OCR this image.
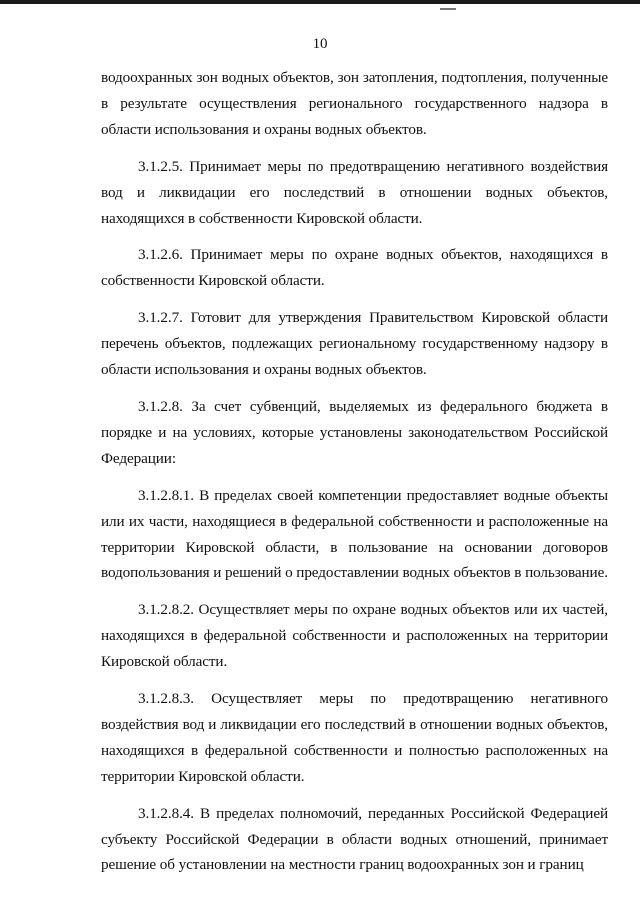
10

водоохранных зон водных объектов, зон затопления, подтопления, полученные в результате осуществления регионального государственного надзора в области использования и охраны водных объектов.

3.1.2.5. Принимает меры по предотвращению негативного воздействия вод и ликвидации его последствий в отношении водных объектов, находящихся в собственности Кировской области.

3.1.2.6. Принимает меры по охране водных объектов, находящихся в собственности Кировской области.

3.1.2.7. Готовит для утверждения Правительством Кировской области перечень объектов, подлежащих региональному государственному надзору в области использования и охраны водных объектов.

3.1.2.8. За счет субвенций, выделяемых из федерального бюджета в порядке и на условиях, которые установлены законодательством Российской Федерации:

3.1.2.8.1. В пределах своей компетенции предоставляет водные объекты или их части, находящиеся в федеральной собственности и расположенные на территории Кировской области, в пользование на основании договоров водопользования и решений о предоставлении водных объектов в пользование.

3.1.2.8.2. Осуществляет меры по охране водных объектов или их частей, находящихся в федеральной собственности и расположенных на территории Кировской области.

3.1.2.8.3. Осуществляет меры по предотвращению негативного воздействия вод и ликвидации его последствий в отношении водных объектов, находящихся в федеральной собственности и полностью расположенных на территории Кировской области.

3.1.2.8.4. В пределах полномочий, переданных Российской Федерацией субъекту Российской Федерации в области водных отношений, принимает решение об установлении на местности границ водоохранных зон и границ
